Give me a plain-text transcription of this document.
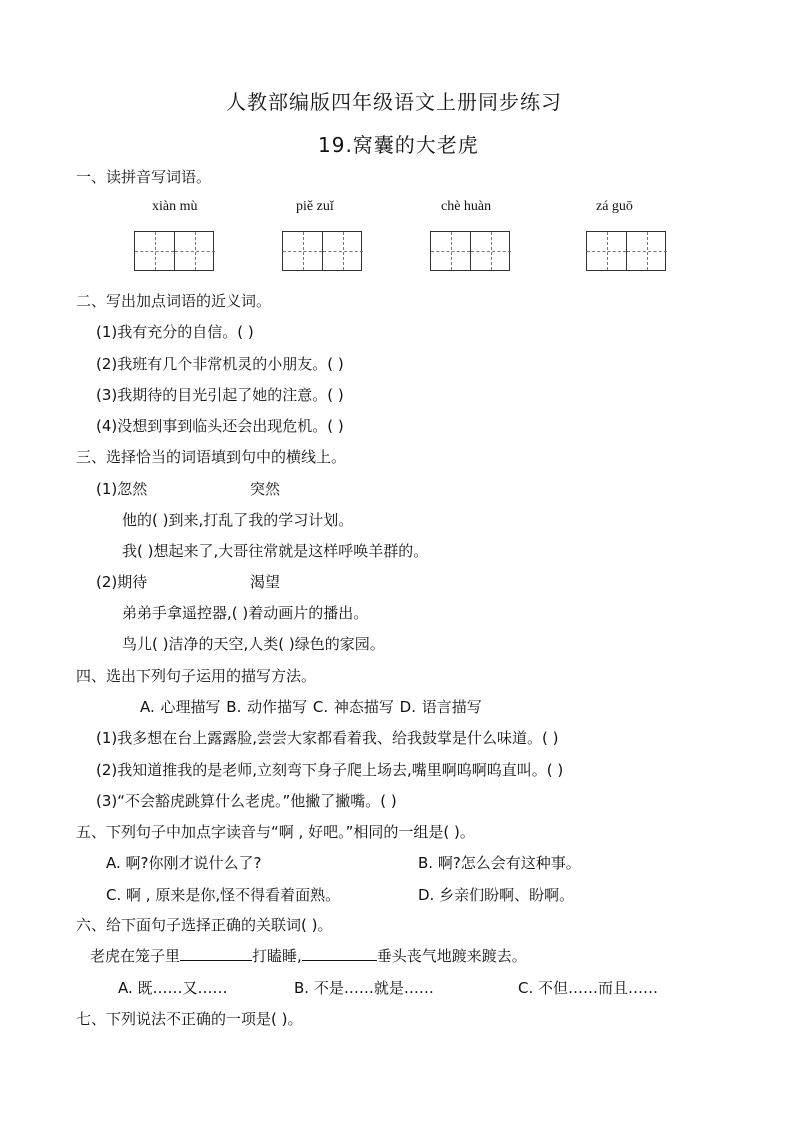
人教部编版四年级语文上册同步练习
19.窝囊的大老虎
一、读拼音写词语。
xiàn mù	piě zuǐ	chè huàn	zá guō
二、写出加点词语的近义词。
(1)我有充分的自信。( )
(2)我班有几个非常机灵的小朋友。( )
(3)我期待的目光引起了她的注意。( )
(4)没想到事到临头还会出现危机。( )
三、选择恰当的词语填到句中的横线上。
(1)忽然	突然
他的( )到来,打乱了我的学习计划。
我( )想起来了,大哥往常就是这样呼唤羊群的。
(2)期待	渴望
弟弟手拿遥控器,( )着动画片的播出。
鸟儿( )洁净的天空,人类( )绿色的家园。
四、选出下列句子运用的描写方法。
A. 心理描写 B. 动作描写 C. 神态描写 D. 语言描写
(1)我多想在台上露露脸,尝尝大家都看着我、给我鼓掌是什么味道。( )
(2)我知道推我的是老师,立刻弯下身子爬上场去,嘴里啊呜啊呜直叫。( )
(3)“不会豁虎跳算什么老虎。”他撇了撇嘴。( )
五、下列句子中加点字读音与“啊 , 好吧。”相同的一组是( )。
A. 啊?你刚才说什么了?	B. 啊?怎么会有这种事。
C. 啊 , 原来是你,怪不得看着面熟。	D. 乡亲们盼啊、盼啊。
六、给下面句子选择正确的关联词( )。
老虎在笼子里	打瞌睡,	垂头丧气地踱来踱去。
A. 既……又……	B. 不是……就是……	C. 不但……而且……
七、下列说法不正确的一项是( )。
